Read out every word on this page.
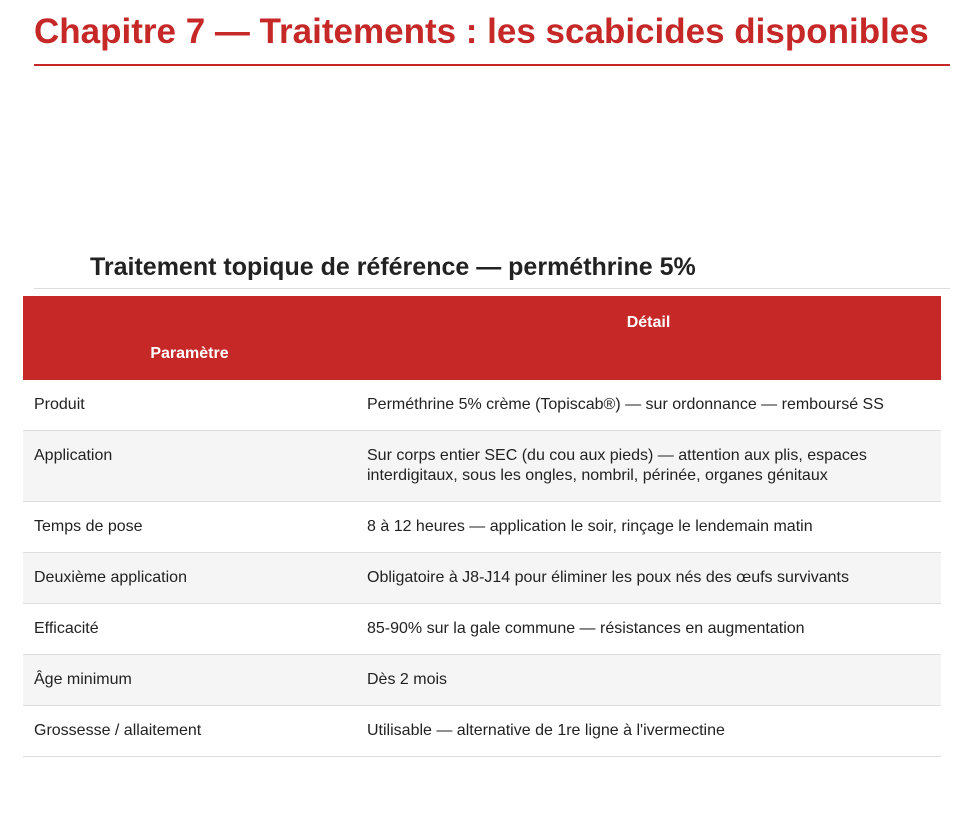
Chapitre 7 — Traitements : les scabicides disponibles
Traitement topique de référence — perméthrine 5%
Paramètre	Détail
Produit	Perméthrine 5% crème (Topiscab®) — sur ordonnance — remboursé SS
Application	Sur corps entier SEC (du cou aux pieds) — attention aux plis, espaces interdigitaux, sous les ongles, nombril, périnée, organes génitaux
Temps de pose	8 à 12 heures — application le soir, rinçage le lendemain matin
Deuxième application	Obligatoire à J8-J14 pour éliminer les poux nés des œufs survivants
Efficacité	85-90% sur la gale commune — résistances en augmentation
Âge minimum	Dès 2 mois
Grossesse / allaitement	Utilisable — alternative de 1re ligne à l'ivermectine
